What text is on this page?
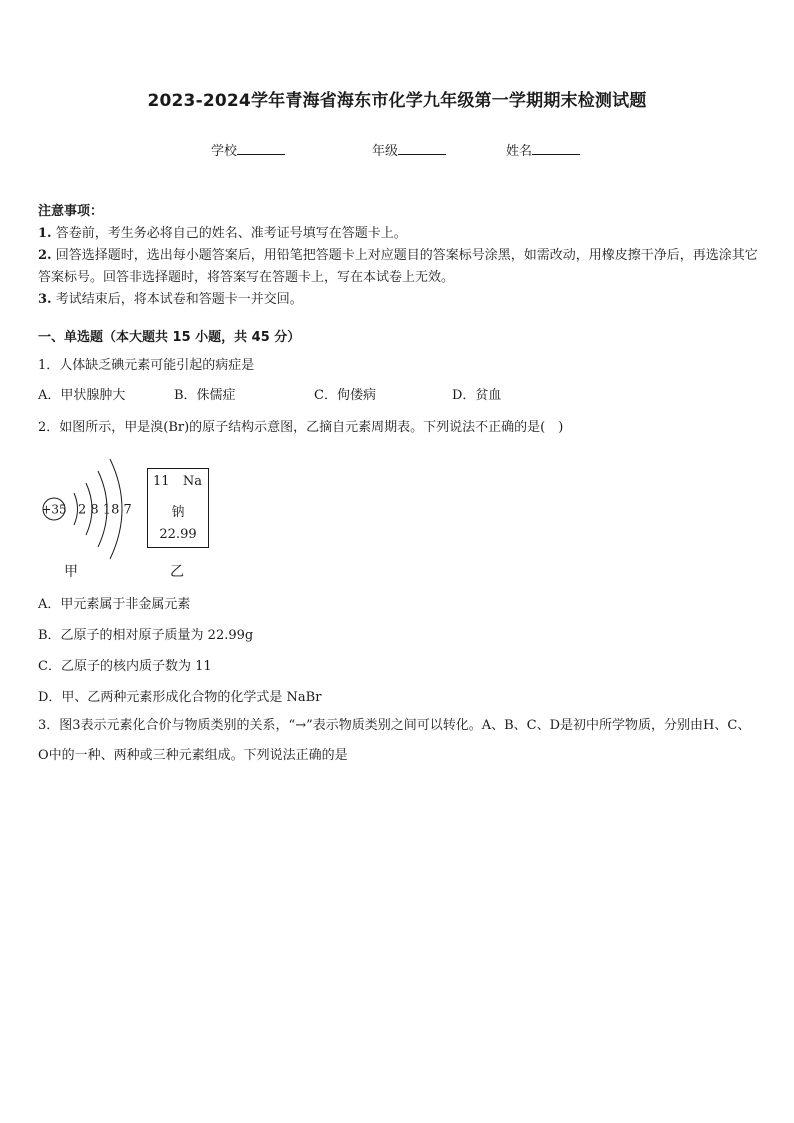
2023-2024学年青海省海东市化学九年级第一学期期末检测试题
学校	年级	姓名
注意事项：
1. 答卷前，考生务必将自己的姓名、准考证号填写在答题卡上。
2. 回答选择题时，选出每小题答案后，用铅笔把答题卡上对应题目的答案标号涂黑，如需改动，用橡皮擦干净后，再选涂其它答案标号。回答非选择题时，将答案写在答题卡上，写在本试卷上无效。
3. 考试结束后，将本试卷和答题卡一并交回。
一、单选题（本大题共 15 小题，共 45 分）
1．人体缺乏碘元素可能引起的病症是
A．甲状腺肿大	B．侏儒症	C．佝偻病	D．贫血
2．如图所示，甲是溴(Br)的原子结构示意图，乙摘自元素周期表。下列说法不正确的是(　)
+35 2 8 18 7
甲
11 Na
钠
22.99
乙
A．甲元素属于非金属元素
B．乙原子的相对原子质量为 22.99g
C．乙原子的核内质子数为 11
D．甲、乙两种元素形成化合物的化学式是 NaBr
3．图3表示元素化合价与物质类别的关系，“→”表示物质类别之间可以转化。A、B、C、D是初中所学物质，分别由H、C、O中的一种、两种或三种元素组成。下列说法正确的是
